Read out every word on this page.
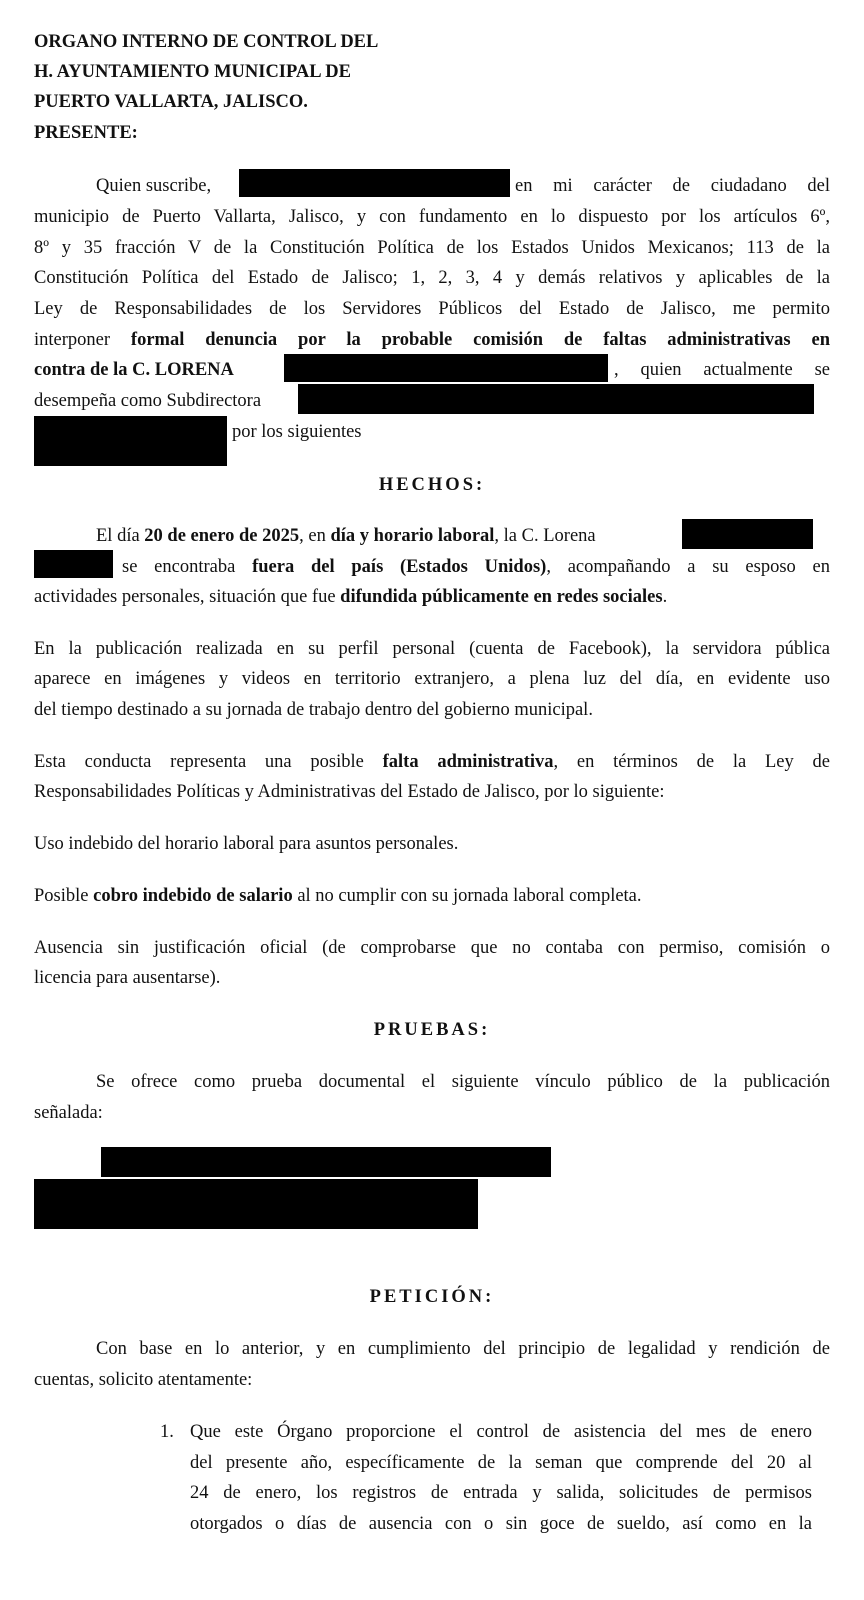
ORGANO INTERNO DE CONTROL DEL
H. AYUNTAMIENTO MUNICIPAL DE
PUERTO VALLARTA, JALISCO.
PRESENTE:
Quien suscribe,	en mi carácter de ciudadano del
municipio de Puerto Vallarta, Jalisco, y con fundamento en lo dispuesto por los artículos 6º,
8º y 35 fracción V de la Constitución Política de los Estados Unidos Mexicanos; 113 de la
Constitución Política del Estado de Jalisco; 1, 2, 3, 4 y demás relativos y aplicables de la
Ley de Responsabilidades de los Servidores Públicos del Estado de Jalisco, me permito
interponer formal denuncia por la probable comisión de faltas administrativas en
contra de la C. LORENA	, quien actualmente se
desempeña como Subdirectora
por los siguientes
HECHOS:
El día 20 de enero de 2025, en día y horario laboral, la C. Lorena
se encontraba fuera del país (Estados Unidos), acompañando a su esposo en
actividades personales, situación que fue difundida públicamente en redes sociales.
En la publicación realizada en su perfil personal (cuenta de Facebook), la servidora pública
aparece en imágenes y videos en territorio extranjero, a plena luz del día, en evidente uso
del tiempo destinado a su jornada de trabajo dentro del gobierno municipal.
Esta conducta representa una posible falta administrativa, en términos de la Ley de
Responsabilidades Políticas y Administrativas del Estado de Jalisco, por lo siguiente:
Uso indebido del horario laboral para asuntos personales.
Posible cobro indebido de salario al no cumplir con su jornada laboral completa.
Ausencia sin justificación oficial (de comprobarse que no contaba con permiso, comisión o
licencia para ausentarse).
PRUEBAS:
Se ofrece como prueba documental el siguiente vínculo público de la publicación
señalada:
PETICIÓN:
Con base en lo anterior, y en cumplimiento del principio de legalidad y rendición de
cuentas, solicito atentamente:
1. Que este Órgano proporcione el control de asistencia del mes de enero
del presente año, específicamente de la seman que comprende del 20 al
24 de enero, los registros de entrada y salida, solicitudes de permisos
otorgados o días de ausencia con o sin goce de sueldo, así como en la
